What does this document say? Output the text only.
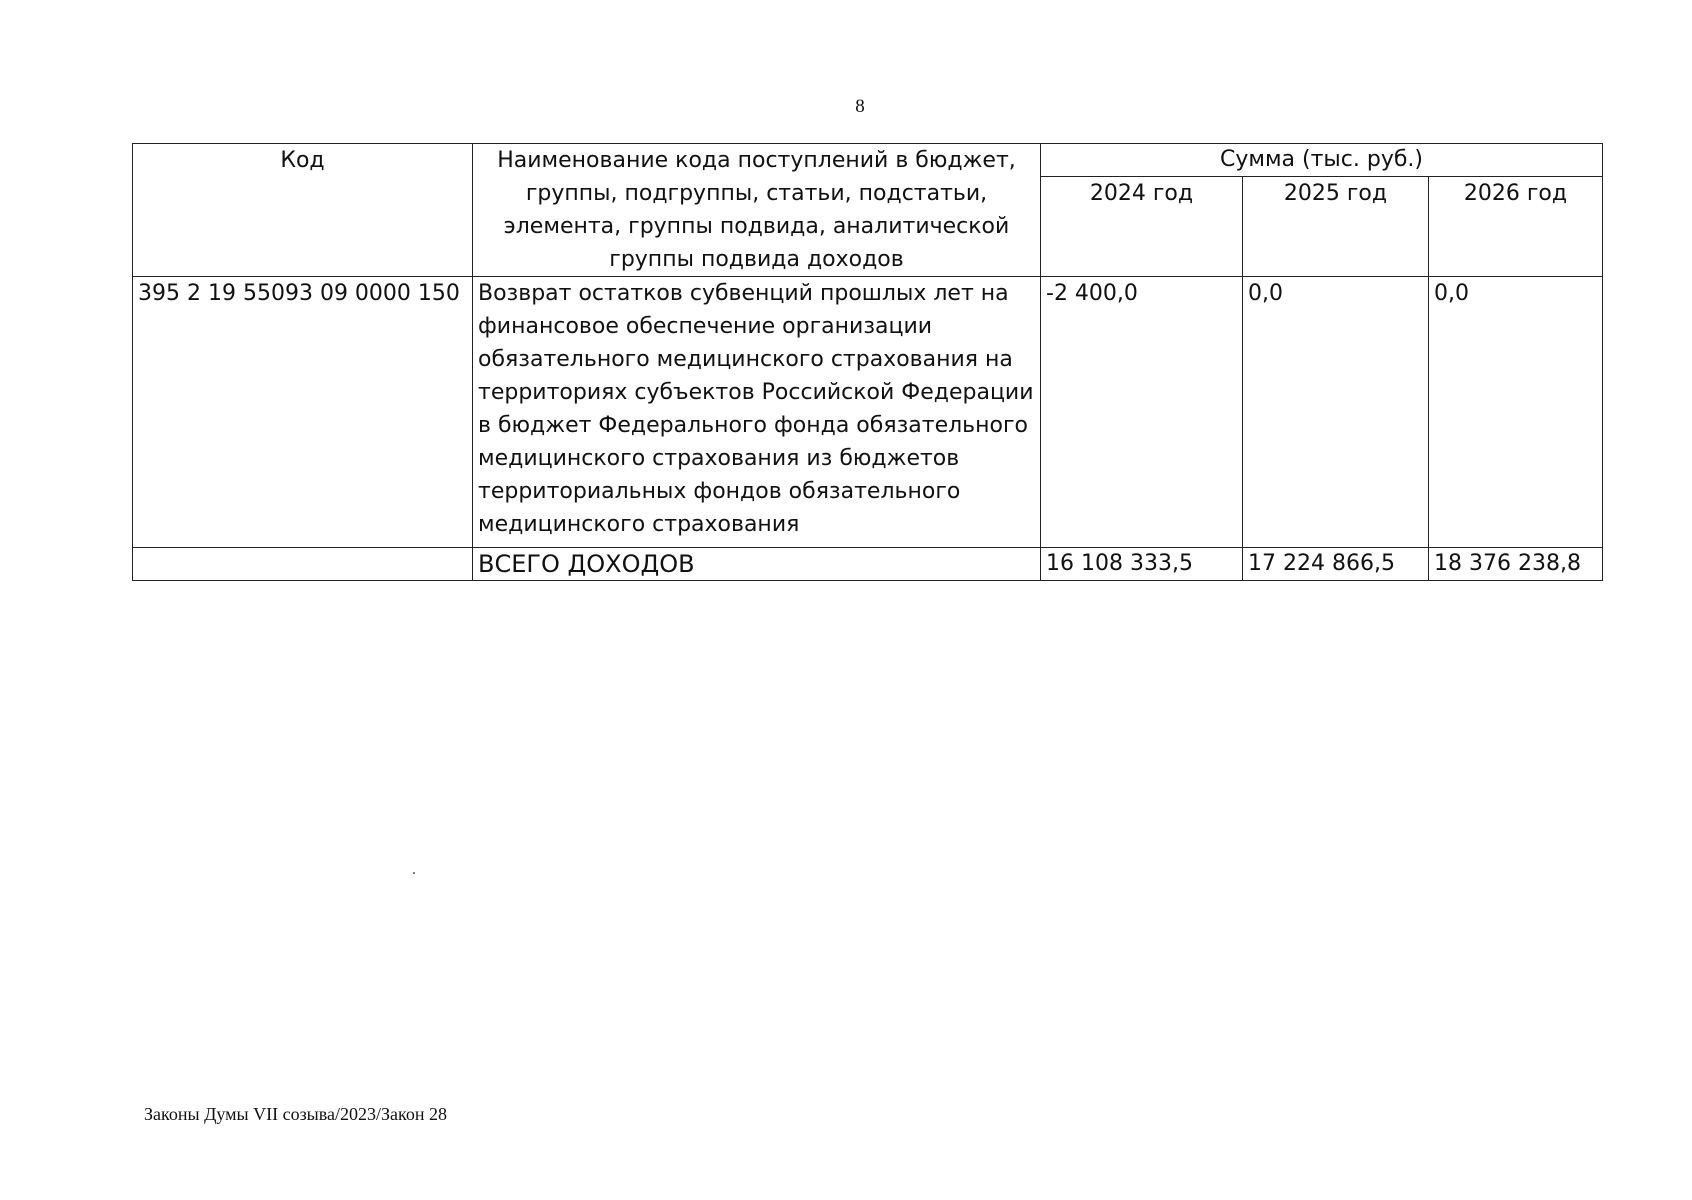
8
Код	Наименование кода поступлений в бюджет, группы, подгруппы, статьи, подстатьи, элемента, группы подвида, аналитической группы подвида доходов	Сумма (тыс. руб.)		
		2024 год	2025 год	2026 год
395 2 19 55093 09 0000 150	Возврат остатков субвенций прошлых лет на финансовое обеспечение организации обязательного медицинского страхования на территориях субъектов Российской Федерации в бюджет Федерального фонда обязательного медицинского страхования из бюджетов территориальных фондов обязательного медицинского страхования	-2 400,0	0,0	0,0
	ВСЕГО ДОХОДОВ	16 108 333,5	17 224 866,5	18 376 238,8
Законы Думы VII созыва/2023/Закон 28
